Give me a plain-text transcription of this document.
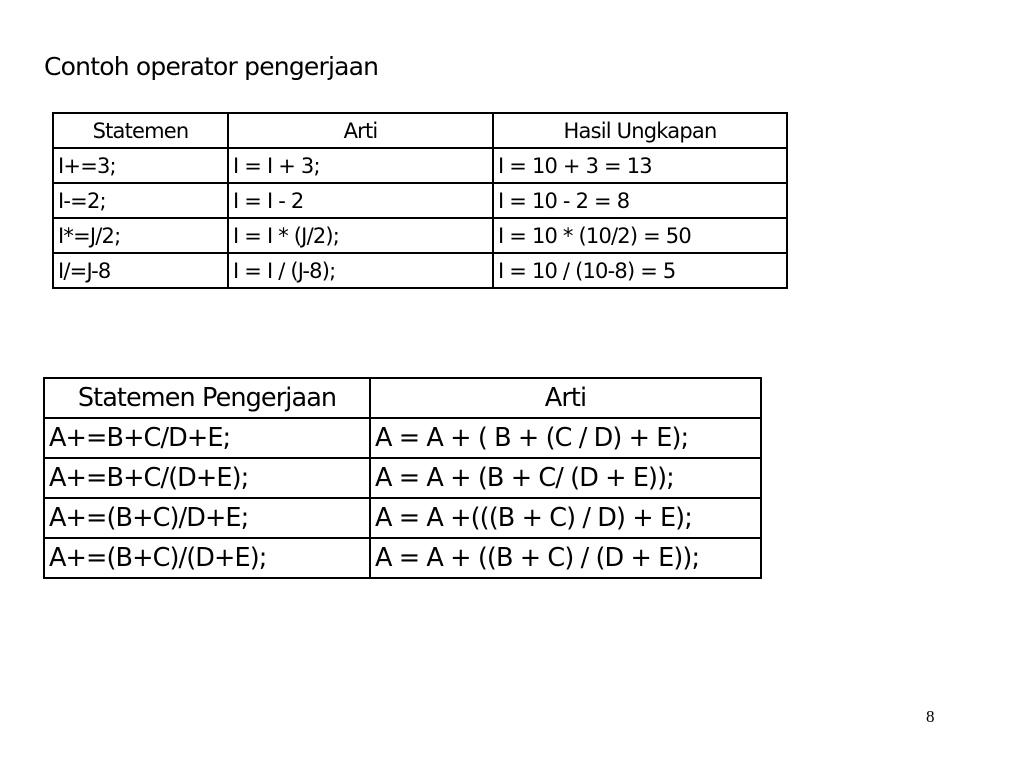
Contoh operator pengerjaan
Statemen	Arti	Hasil Ungkapan
I+=3;	I = I + 3;	I = 10 + 3 = 13
I-=2;	I = I - 2	I = 10 - 2 = 8
I*=J/2;	I = I * (J/2);	I = 10 * (10/2) = 50
I/=J-8	I = I / (J-8);	I = 10 / (10-8) = 5
Statemen Pengerjaan	Arti
A+=B+C/D+E;	A = A + ( B + (C / D) + E);
A+=B+C/(D+E);	A = A + (B + C/ (D + E));
A+=(B+C)/D+E;	A = A +(((B + C) / D) + E);
A+=(B+C)/(D+E);	A = A + ((B + C) / (D + E));
8
